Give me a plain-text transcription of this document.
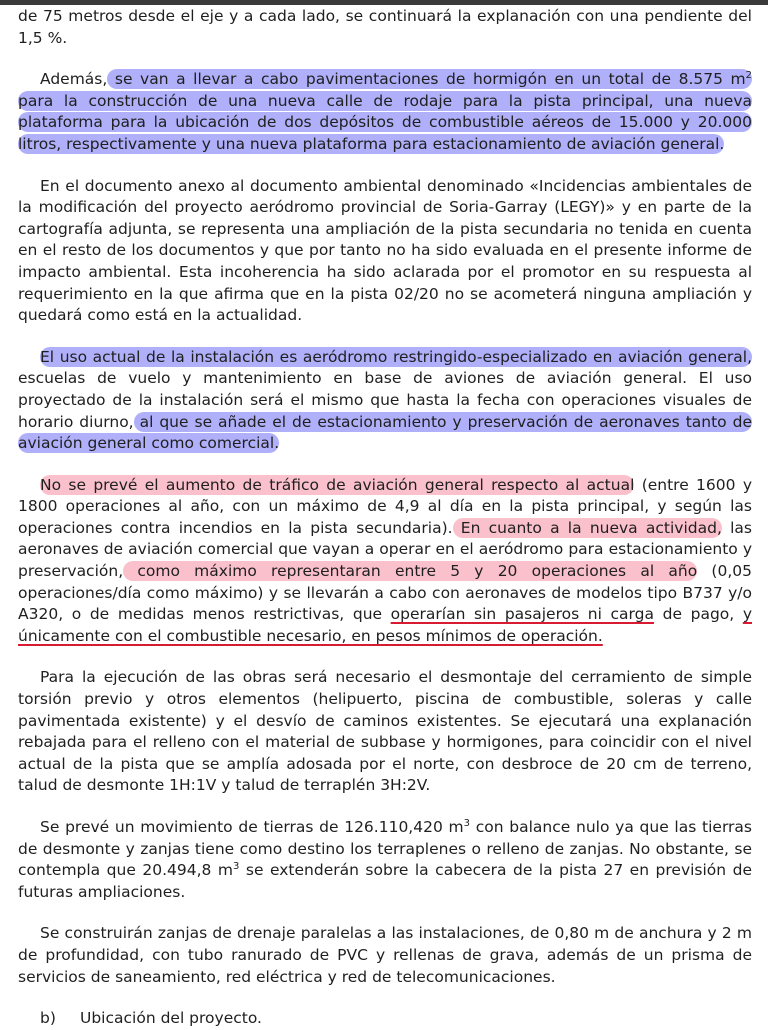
de 75 metros desde el eje y a cada lado, se continuará la explanación con una pendiente del 1,5 %.

Además, se van a llevar a cabo pavimentaciones de hormigón en un total de 8.575 $m^2$ para la construcción de una nueva calle de rodaje para la pista principal, una nueva plataforma para la ubicación de dos depósitos de combustible aéreos de 15.000 y 20.000 litros, respectivamente y una nueva plataforma para estacionamiento de aviación general.

En el documento anexo al documento ambiental denominado «Incidencias ambientales de la modificación del proyecto aeródromo provincial de Soria-Garray (LEGY)» y en parte de la cartografía adjunta, se representa una ampliación de la pista secundaria no tenida en cuenta en el resto de los documentos y que por tanto no ha sido evaluada en el presente informe de impacto ambiental. Esta incoherencia ha sido aclarada por el promotor en su respuesta al requerimiento en la que afirma que en la pista 02/20 no se acometerá ninguna ampliación y quedará como está en la actualidad.

El uso actual de la instalación es aeródromo restringido-especializado en aviación general, escuelas de vuelo y mantenimiento en base de aviones de aviación general. El uso proyectado de la instalación será el mismo que hasta la fecha con operaciones visuales de horario diurno, al que se añade el de estacionamiento y preservación de aeronaves tanto de aviación general como comercial.

No se prevé el aumento de tráfico de aviación general respecto al actual (entre 1600 y 1800 operaciones al año, con un máximo de 4,9 al día en la pista principal, y según las operaciones contra incendios en la pista secundaria). En cuanto a la nueva actividad, las aeronaves de aviación comercial que vayan a operar en el aeródromo para estacionamiento y preservación, como máximo representaran entre 5 y 20 operaciones al año (0,05 operaciones/día como máximo) y se llevarán a cabo con aeronaves de modelos tipo B737 y/o A320, o de medidas menos restrictivas, que operarían sin pasajeros ni carga de pago, y únicamente con el combustible necesario, en pesos mínimos de operación.

Para la ejecución de las obras será necesario el desmontaje del cerramiento de simple torsión previo y otros elementos (helipuerto, piscina de combustible, soleras y calle pavimentada existente) y el desvío de caminos existentes. Se ejecutará una explanación rebajada para el relleno con el material de subbase y hormigones, para coincidir con el nivel actual de la pista que se amplía adosada por el norte, con desbroce de 20 cm de terreno, talud de desmonte 1H:1V y talud de terraplén 3H:2V.

Se prevé un movimiento de tierras de 126.110,420 $m^3$ con balance nulo ya que las tierras de desmonte y zanjas tiene como destino los terraplenes o relleno de zanjas. No obstante, se contempla que 20.494,8 $m^3$ se extenderán sobre la cabecera de la pista 27 en previsión de futuras ampliaciones.

Se construirán zanjas de drenaje paralelas a las instalaciones, de 0,80 m de anchura y 2 m de profundidad, con tubo ranurado de PVC y rellenas de grava, además de un prisma de servicios de saneamiento, red eléctrica y red de telecomunicaciones.

b) Ubicación del proyecto.
